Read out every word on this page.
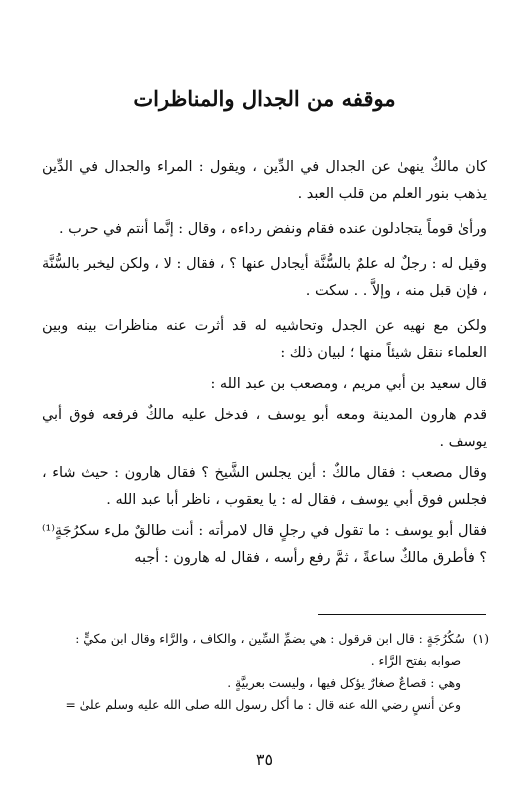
موقفه من الجدال والمناظرات

كان مالكٌ ينهىٰ عن الجدال في الدِّين ، ويقول : المراء والجدال في الدِّين يذهب بنور العلم من قلب العبد .

ورأىٰ قوماً يتجادلون عنده فقام ونفض رداءه ، وقال : إنَّما أنتم في حرب .

وقيل له : رجلٌ له علمٌ بالسُّنَّة أيجادل عنها ؟ ، فقال : لا ، ولكن ليخبر بالسُّنَّة ، فإن قبل منه ، وإلاَّ . . سكت .

ولكن مع نهيه عن الجدل وتحاشيه له قد أثرت عنه مناظرات بينه وبين العلماء ننقل شيئاً منها ؛ لبيان ذلك :

قال سعيد بن أبي مريم ، ومصعب بن عبد الله :

قدم هارون المدينة ومعه أبو يوسف ، فدخل عليه مالكٌ فرفعه فوق أبي يوسف .

وقال مصعب : فقال مالكٌ : أين يجلس الشَّيخ ؟ فقال هارون : حيث شاء ، فجلس فوق أبي يوسف ، فقال له : يا يعقوب ، ناظر أبا عبد الله .

فقال أبو يوسف : ما تقول في رجلٍ قال لامرأته : أنت طالقٌ ملء سكرُجَةٍ⁽¹⁾ ؟ فأطرق مالكٌ ساعةً ، ثمَّ رفع رأسه ، فقال له هارون : أجبه

(١)سُكُرُجَةٍ : قال ابن قرقول : هي بضمِّ السِّين ، والكاف ، والرَّاء وقال ابن مكيٍّ :

صوابه بفتح الرَّاء .

وهي : قصاعٌ صغارٌ يؤكل فيها ، وليست بعربيَّةٍ .

وعن أنسٍ رضي الله عنه قال : ما أكل رسول الله صلى الله عليه وسلم علىٰ =

٣٥
